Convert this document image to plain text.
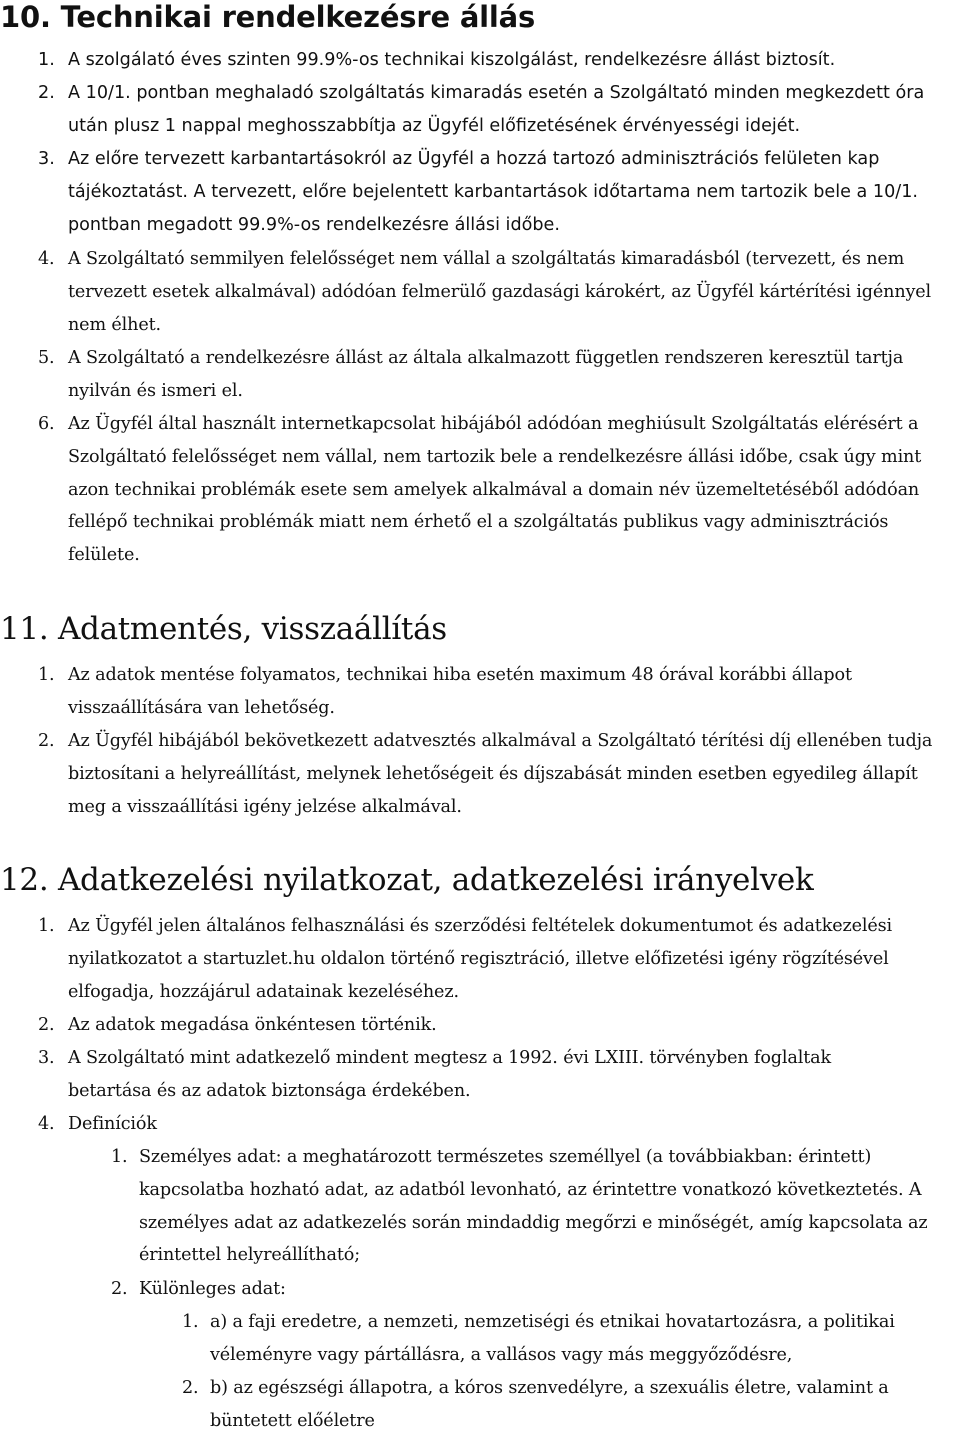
10. Technikai rendelkezésre állás
1. A szolgálató éves szinten 99.9%-os technikai kiszolgálást, rendelkezésre állást biztosít.
2. A 10/1. pontban meghaladó szolgáltatás kimaradás esetén a Szolgáltató minden megkezdett óra után plusz 1 nappal meghosszabbítja az Ügyfél előfizetésének érvényességi idejét.
3. Az előre tervezett karbantartásokról az Ügyfél a hozzá tartozó adminisztrációs felületen kap tájékoztatást. A tervezett, előre bejelentett karbantartások időtartama nem tartozik bele a 10/1. pontban megadott 99.9%-os rendelkezésre állási időbe.
4. A Szolgáltató semmilyen felelősséget nem vállal a szolgáltatás kimaradásból (tervezett, és nem tervezett esetek alkalmával) adódóan felmerülő gazdasági károkért, az Ügyfél kártérítési igénnyel nem élhet.
5. A Szolgáltató a rendelkezésre állást az általa alkalmazott független rendszeren keresztül tartja nyilván és ismeri el.
6. Az Ügyfél által használt internetkapcsolat hibájából adódóan meghiúsult Szolgáltatás elérésért a Szolgáltató felelősséget nem vállal, nem tartozik bele a rendelkezésre állási időbe, csak úgy mint azon technikai problémák esete sem amelyek alkalmával a domain név üzemeltetéséből adódóan fellépő technikai problémák miatt nem érhető el a szolgáltatás publikus vagy adminisztrációs felülete.
11. Adatmentés, visszaállítás
1. Az adatok mentése folyamatos, technikai hiba esetén maximum 48 órával korábbi állapot visszaállítására van lehetőség.
2. Az Ügyfél hibájából bekövetkezett adatvesztés alkalmával a Szolgáltató térítési díj ellenében tudja biztosítani a helyreállítást, melynek lehetőségeit és díjszabását minden esetben egyedileg állapít meg a visszaállítási igény jelzése alkalmával.
12. Adatkezelési nyilatkozat, adatkezelési irányelvek
1. Az Ügyfél jelen általános felhasználási és szerződési feltételek dokumentumot és adatkezelési nyilatkozatot a startuzlet.hu oldalon történő regisztráció, illetve előfizetési igény rögzítésével elfogadja, hozzájárul adatainak kezeléséhez.
2. Az adatok megadása önkéntesen történik.
3. A Szolgáltató mint adatkezelő mindent megtesz a 1992. évi LXIII. törvényben foglaltak betartása és az adatok biztonsága érdekében.
4. Definíciók
1. Személyes adat: a meghatározott természetes személlyel (a továbbiakban: érintett) kapcsolatba hozható adat, az adatból levonható, az érintettre vonatkozó következtetés. A személyes adat az adatkezelés során mindaddig megőrzi e minőségét, amíg kapcsolata az érintettel helyreállítható;
2. Különleges adat:
1. a) a faji eredetre, a nemzeti, nemzetiségi és etnikai hovatartozásra, a politikai véleményre vagy pártállásra, a vallásos vagy más meggyőződésre,
2. b) az egészségi állapotra, a kóros szenvedélyre, a szexuális életre, valamint a büntetett előéletre
